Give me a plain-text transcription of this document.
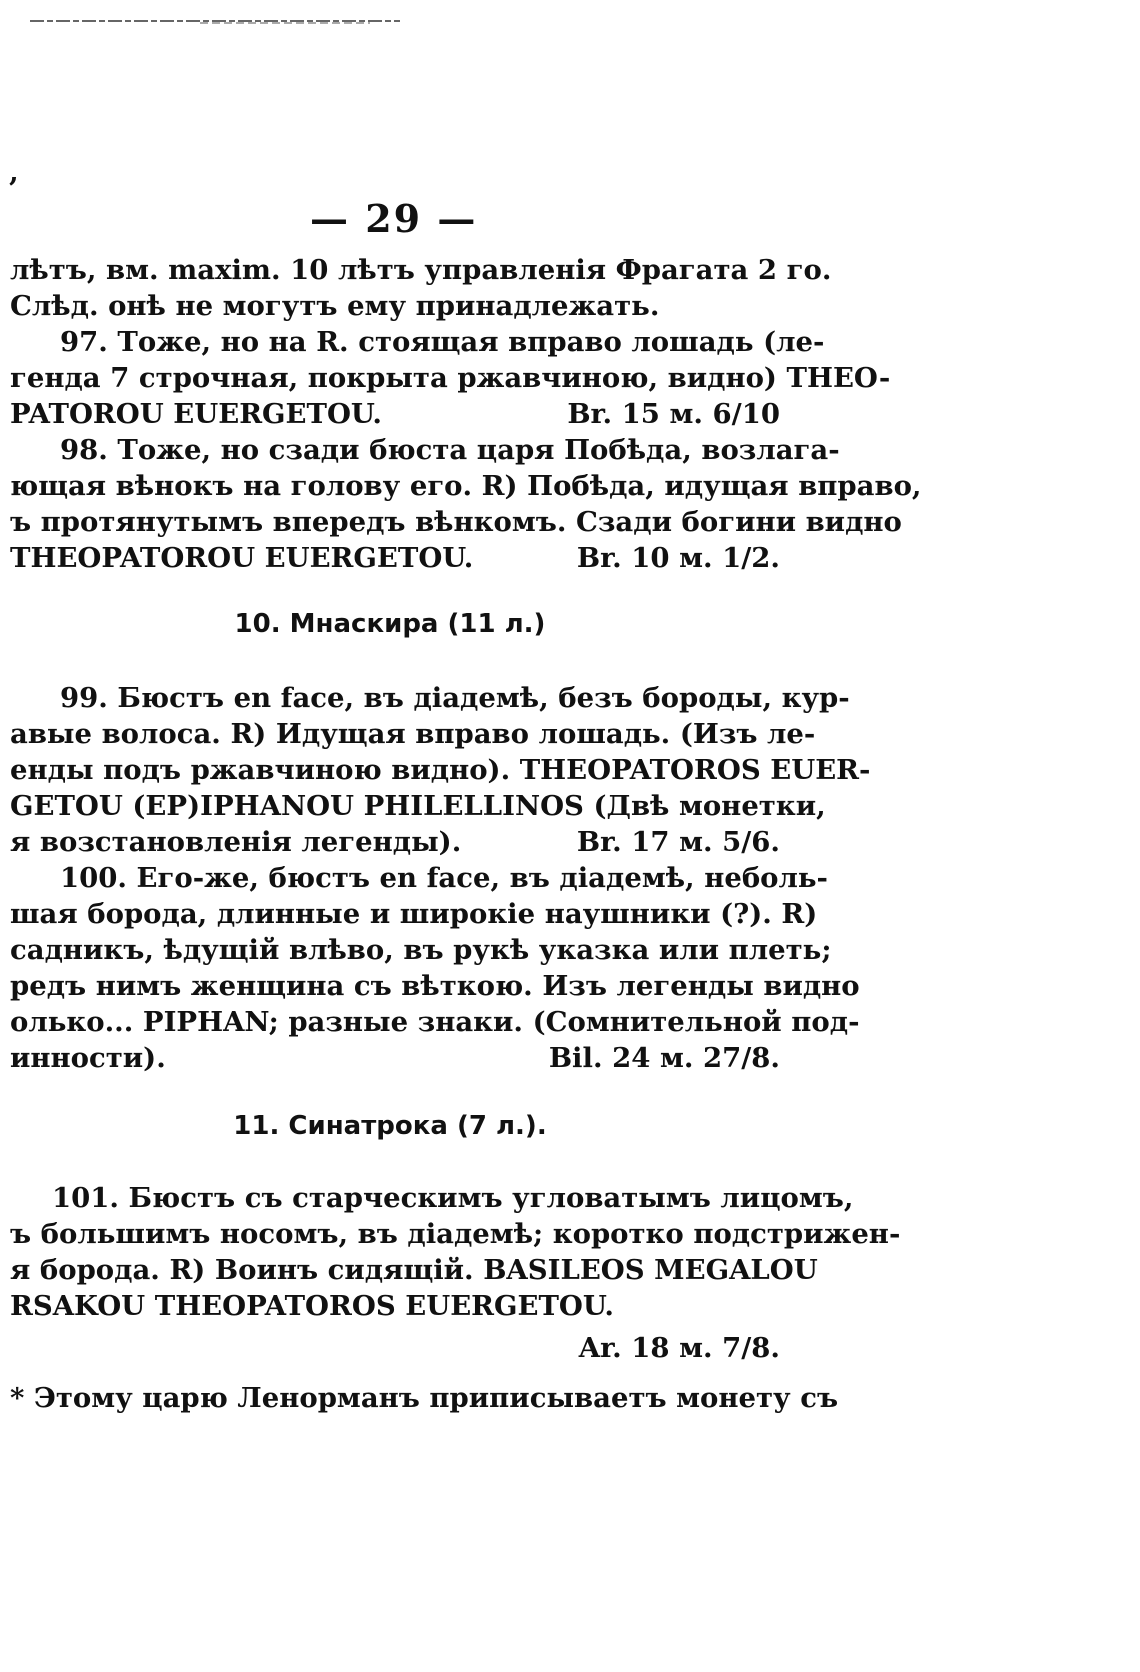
’
— 29 —
лѣтъ, вм. maxim. 10 лѣтъ управленія Фрагата 2 го.
Слѣд. онѣ не могутъ ему принадлежать.
97. Тоже, но на R. стоящая вправо лошадь (ле-
генда 7 строчная, покрыта ржавчиною, видно) THEO-
PATOROU EUERGETOU.	Br. 15 м. 6/10
98. Тоже, но сзади бюста царя Побѣда, возлага-
ющая вѣнокъ на голову его. R) Побѣда, идущая вправо,
ъ протянутымъ впередъ вѣнкомъ. Сзади богини видно
THEOPATOROU EUERGETOU.	Br. 10 м. 1/2.
10. Мнаскира (11 л.)
99. Бюстъ en face, въ діадемѣ, безъ бороды, кур-
авые волоса. R) Идущая вправо лошадь. (Изъ ле-
енды подъ ржавчиною видно). THEOPATOROS EUER-
GETOU (EP)IPHANOU PHILELLINOS (Двѣ монетки,
я возстановленія легенды).	Br. 17 м. 5/6.
100. Его-же, бюстъ en face, въ діадемѣ, неболь-
шая борода, длинные и широкіе наушники (?). R)
садникъ, ѣдущій влѣво, въ рукѣ указка или плеть;
редъ нимъ женщина съ вѣткою. Изъ легенды видно
олько... PIPHAN; разные знаки. (Сомнительной под-
инности).	Bil. 24 м. 27/8.
11. Синатрока (7 л.).
101. Бюстъ съ старческимъ угловатымъ лицомъ,
ъ большимъ носомъ, въ діадемѣ; коротко подстрижен-
я борода. R) Воинъ сидящій. BASILEOS MEGALOU
RSAKOU THEOPATOROS EUERGETOU.
Ar. 18 м. 7/8.
* Этому царю Ленорманъ приписываетъ монету съ
